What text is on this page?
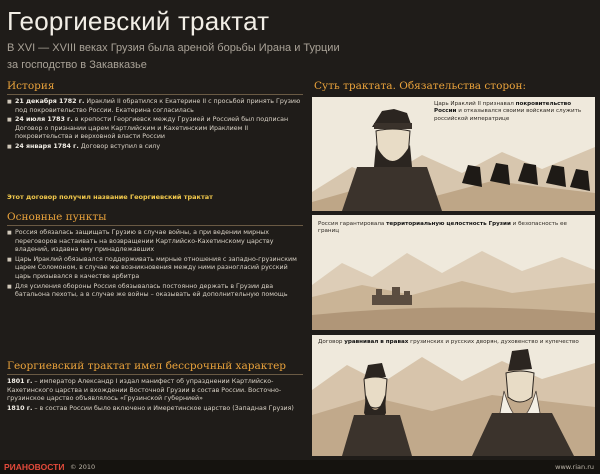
Георгиевский трактат
В XVI — XVIII веках Грузия была ареной борьбы Ирана и Турции за господство в Закавказье
История
■ 21 декабря 1782 г. Ираклий II обратился к Екатерине II с просьбой принять Грузию под покровительство России. Екатерина согласилась
■ 24 июля 1783 г. в крепости Георгиевск между Грузией и Россией был подписан Договор о признании царем Картлийским и Кахетинским Ираклием II покровительства и верховной власти России
■ 24 января 1784 г. Договор вступил в силу
Этот договор получил название Георгиевский трактат
Основные пункты
■ Россия обязалась защищать Грузию в случае войны, а при ведении мирных переговоров настаивать на возвращении Картлийско-Кахетинскому царству владений, издавна ему принадлежавших
■ Царь Ираклий обязывался поддерживать мирные отношения с западно-грузинским царем Соломоном, в случае же возникновения между ними разногласий русский царь призывался в качестве арбитра
■ Для усиления обороны Россия обязывалась постоянно держать в Грузии два батальона пехоты, а в случае же войны – оказывать ей дополнительную помощь
Георгиевский трактат имел бессрочный характер
1801 г. – император Александр I издал манифест об упразднении Картлийско-Кахетинского царства и вхождении Восточной Грузии в состав России. Восточно-грузинское царство объявлялось «Грузинской губернией»
1810 г. – в состав России было включено и Имеретинское царство (Западная Грузия)
Суть трактата. Обязательства сторон:
Царь Ираклий II признавал покровительство России и отказывался своими войсками служить российской императрице
Россия гарантировала территориальную целостность Грузии и безопасность ее границ
Договор уравнивал в правах грузинских и русских дворян, духовенство и купечество
РИАНОВОСТИ © 2010	www.rian.ru
